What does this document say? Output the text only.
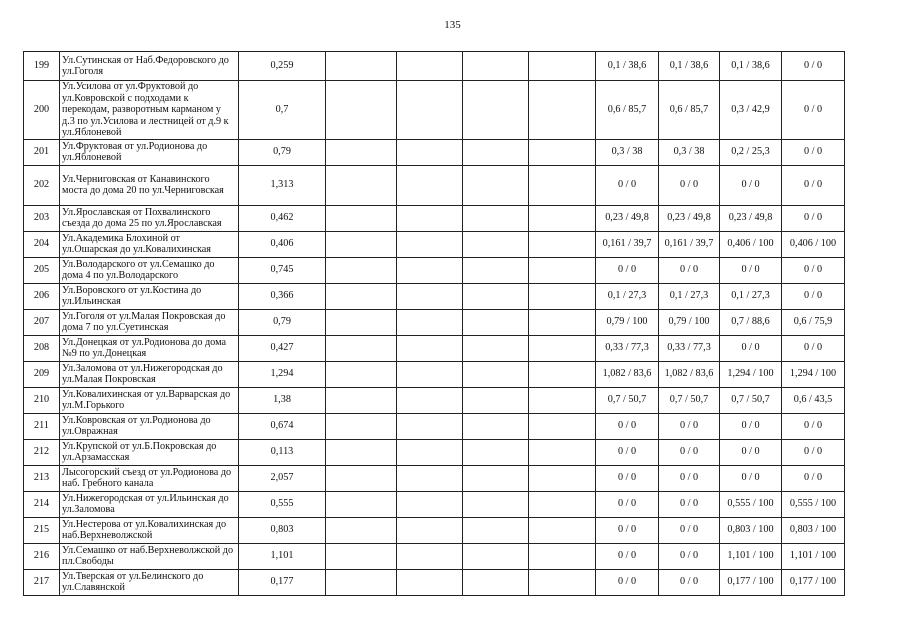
135
199	Ул.Сутинская от Наб.Федоровского до ул.Гоголя	0,259					0,1 / 38,6	0,1 / 38,6	0,1 / 38,6	0 / 0
200	Ул.Усилова от ул.Фруктовой до ул.Ковровской с подходами к перекодам, разворотным карманом у д.3 по ул.Усилова и лестницей от д.9 к ул.Яблоневой	0,7					0,6 / 85,7	0,6 / 85,7	0,3 / 42,9	0 / 0
201	Ул.Фруктовая от ул.Родионова до ул.Яблоневой	0,79					0,3 / 38	0,3 / 38	0,2 / 25,3	0 / 0
202	Ул.Черниговская от Канавинского моста до дома 20 по ул.Черниговская	1,313					0 / 0	0 / 0	0 / 0	0 / 0
203	Ул.Ярославская от Похвалинского съезда до дома 25 по ул.Ярославская	0,462					0,23 / 49,8	0,23 / 49,8	0,23 / 49,8	0 / 0
204	Ул.Академика Блохиной от ул.Ошарская до ул.Ковалихинская	0,406					0,161 / 39,7	0,161 / 39,7	0,406 / 100	0,406 / 100
205	Ул.Володарского от ул.Семашко до дома 4 по ул.Володарского	0,745					0 / 0	0 / 0	0 / 0	0 / 0
206	Ул.Воровского от ул.Костина до ул.Ильинская	0,366					0,1 / 27,3	0,1 / 27,3	0,1 / 27,3	0 / 0
207	Ул.Гоголя от ул.Малая Покровская до дома 7 по ул.Суетинская	0,79					0,79 / 100	0,79 / 100	0,7 / 88,6	0,6 / 75,9
208	Ул.Донецкая от ул.Родионова до дома №9 по ул.Донецкая	0,427					0,33 / 77,3	0,33 / 77,3	0 / 0	0 / 0
209	Ул.Заломова от ул.Нижегородская до ул.Малая Покровская	1,294					1,082 / 83,6	1,082 / 83,6	1,294 / 100	1,294 / 100
210	Ул.Ковалихинская от ул.Варварская до ул.М.Горького	1,38					0,7 / 50,7	0,7 / 50,7	0,7 / 50,7	0,6 / 43,5
211	Ул.Ковровская от ул.Родионова до ул.Овражная	0,674					0 / 0	0 / 0	0 / 0	0 / 0
212	Ул.Крупской от ул.Б.Покровская до ул.Арзамасская	0,113					0 / 0	0 / 0	0 / 0	0 / 0
213	Лысогорский съезд от ул.Родионова до наб. Гребного канала	2,057					0 / 0	0 / 0	0 / 0	0 / 0
214	Ул.Нижегородская от ул.Ильинская до ул.Заломова	0,555					0 / 0	0 / 0	0,555 / 100	0,555 / 100
215	Ул.Нестерова от ул.Ковалихинская до наб.Верхневолжской	0,803					0 / 0	0 / 0	0,803 / 100	0,803 / 100
216	Ул.Семашко от наб.Верхневолжской до пл.Свободы	1,101					0 / 0	0 / 0	1,101 / 100	1,101 / 100
217	Ул.Тверская от ул.Белинского до ул.Славянской	0,177					0 / 0	0 / 0	0,177 / 100	0,177 / 100
